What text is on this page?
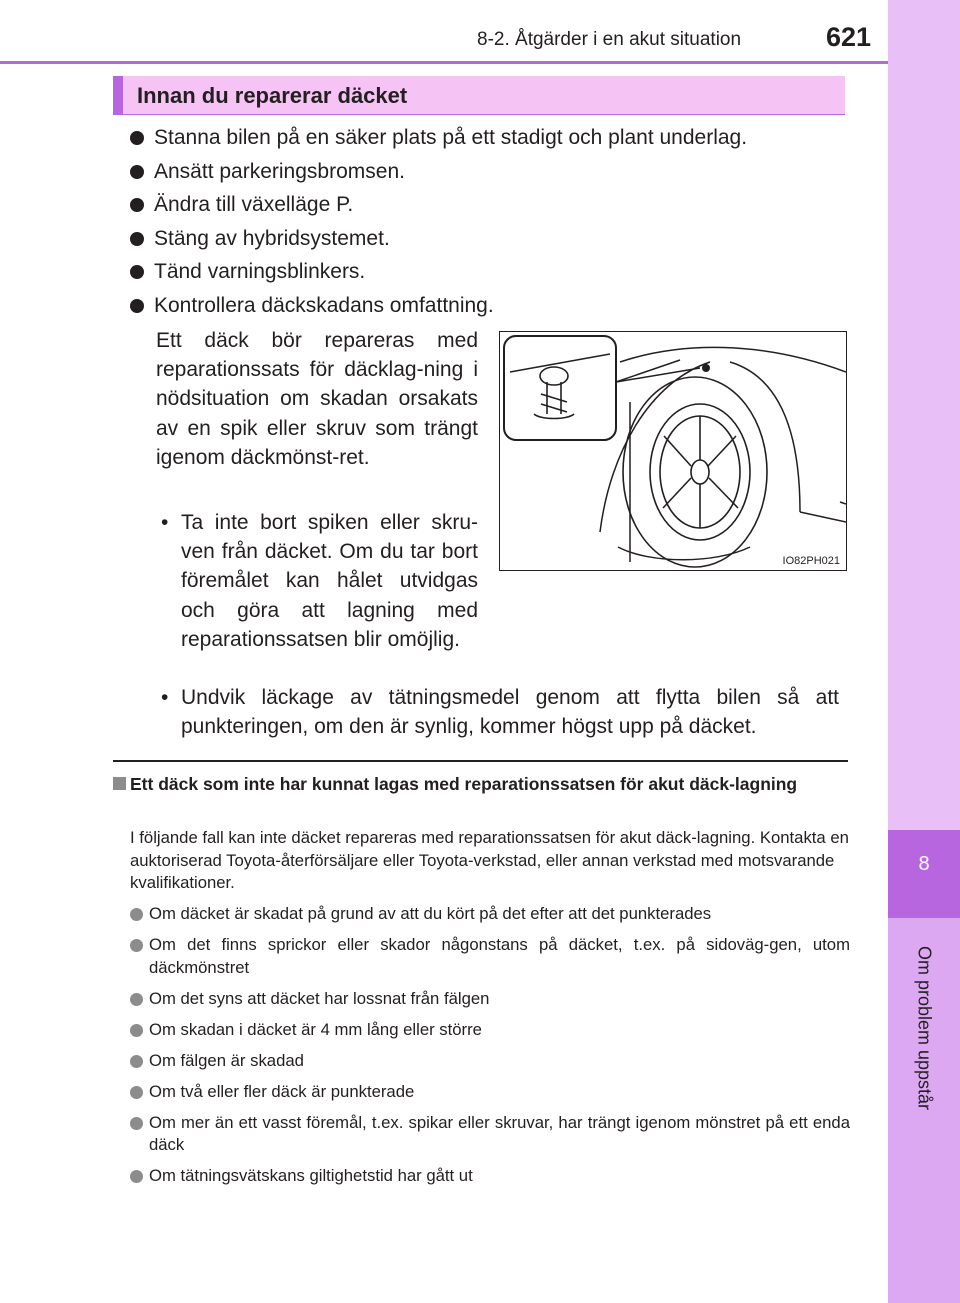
8-2. Åtgärder i en akut situation	621
8
Om problem uppstår
Innan du reparerar däcket
Stanna bilen på en säker plats på ett stadigt och plant underlag.
Ansätt parkeringsbromsen.
Ändra till växelläge P.
Stäng av hybridsystemet.
Tänd varningsblinkers.
Kontrollera däckskadans omfattning.

Ett däck bör repareras med reparationssats för däcklag-ning i nödsituation om skadan orsakats av en spik eller skruv som trängt igenom däckmönst-ret.

• Ta inte bort spiken eller skru-ven från däcket. Om du tar bort föremålet kan hålet utvidgas och göra att lagning med reparationssatsen blir omöjlig.
• Undvik läckage av tätningsmedel genom att flytta bilen så att punkteringen, om den är synlig, kommer högst upp på däcket.
IO82PH021
Ett däck som inte har kunnat lagas med reparationssatsen för akut däck-lagning

I följande fall kan inte däcket repareras med reparationssatsen för akut däck-lagning. Kontakta en auktoriserad Toyota-återförsäljare eller Toyota-verkstad, eller annan verkstad med motsvarande kvalifikationer.

Om däcket är skadat på grund av att du kört på det efter att det punkterades
Om det finns sprickor eller skador någonstans på däcket, t.ex. på sidoväg-gen, utom däckmönstret
Om det syns att däcket har lossnat från fälgen
Om skadan i däcket är 4 mm lång eller större
Om fälgen är skadad
Om två eller fler däck är punkterade
Om mer än ett vasst föremål, t.ex. spikar eller skruvar, har trängt igenom mönstret på ett enda däck
Om tätningsvätskans giltighetstid har gått ut
